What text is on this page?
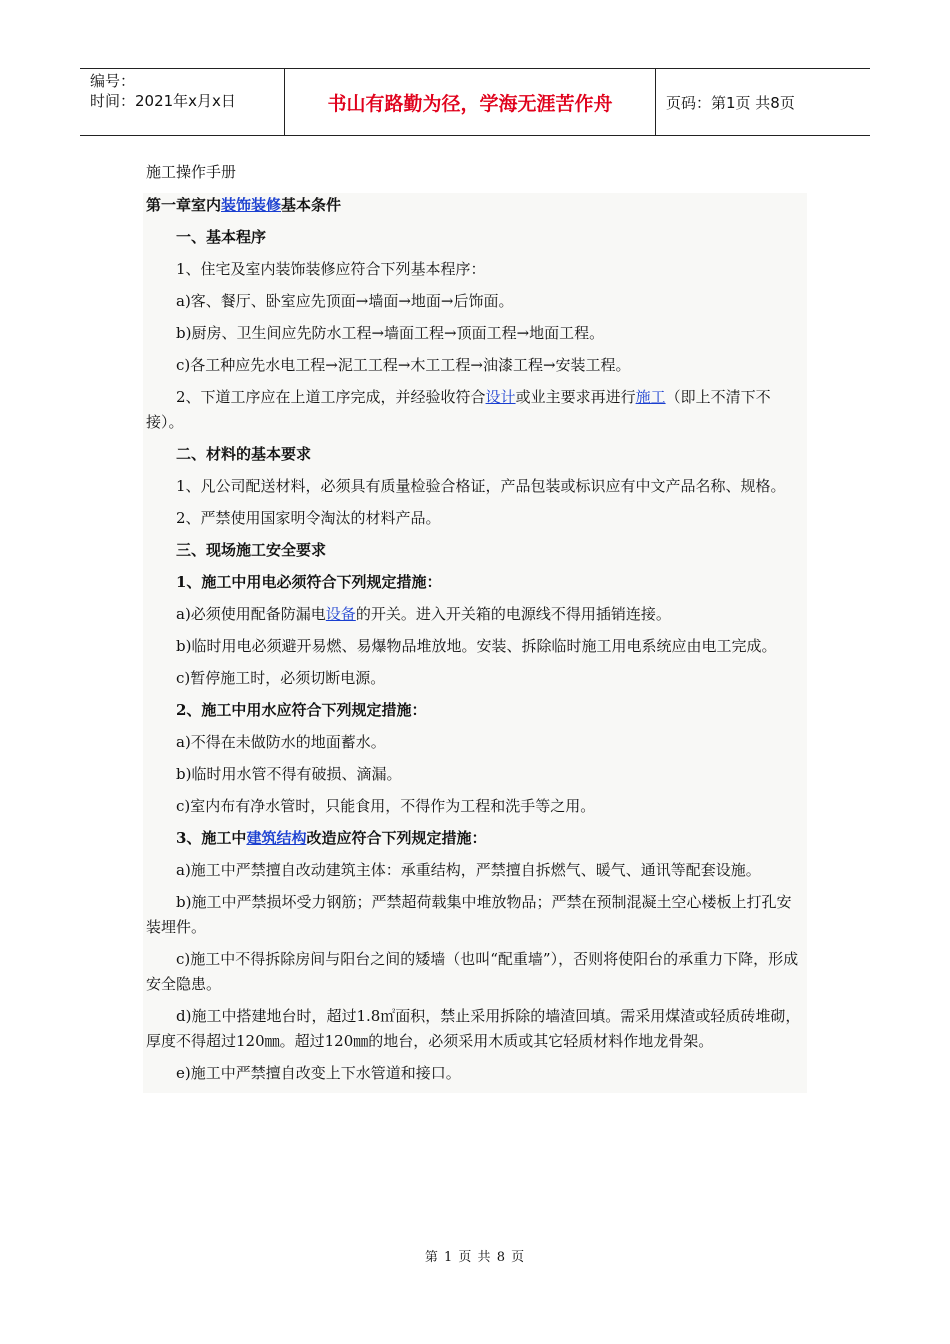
编号：
时间：2021年x月x日	书山有路勤为径，学海无涯苦作舟	页码：第1页 共8页
施工操作手册

第一章室内装饰装修基本条件

一、基本程序

1、住宅及室内装饰装修应符合下列基本程序：

a)客、餐厅、卧室应先顶面→墙面→地面→后饰面。

b)厨房、卫生间应先防水工程→墙面工程→顶面工程→地面工程。

c)各工种应先水电工程→泥工工程→木工工程→油漆工程→安装工程。

2、下道工序应在上道工序完成，并经验收符合设计或业主要求再进行施工（即上不清下不接）。

二、材料的基本要求

1、凡公司配送材料，必须具有质量检验合格证，产品包装或标识应有中文产品名称、规格。

2、严禁使用国家明令淘汰的材料产品。

三、现场施工安全要求

1、施工中用电必须符合下列规定措施：

a)必须使用配备防漏电设备的开关。进入开关箱的电源线不得用插销连接。

b)临时用电必须避开易燃、易爆物品堆放地。安装、拆除临时施工用电系统应由电工完成。

c)暂停施工时，必须切断电源。

2、施工中用水应符合下列规定措施：

a)不得在未做防水的地面蓄水。

b)临时用水管不得有破损、滴漏。

c)室内布有净水管时，只能食用，不得作为工程和洗手等之用。

3、施工中建筑结构改造应符合下列规定措施：

a)施工中严禁擅自改动建筑主体：承重结构，严禁擅自拆燃气、暖气、通讯等配套设施。

b)施工中严禁损坏受力钢筋；严禁超荷载集中堆放物品；严禁在预制混凝土空心楼板上打孔安装埋件。

c)施工中不得拆除房间与阳台之间的矮墙（也叫“配重墙”），否则将使阳台的承重力下降，形成安全隐患。

d)施工中搭建地台时，超过1.8㎡面积，禁止采用拆除的墙渣回填。需采用煤渣或轻质砖堆砌，厚度不得超过120㎜。超过120㎜的地台，必须采用木质或其它轻质材料作地龙骨架。

e)施工中严禁擅自改变上下水管道和接口。

第 1 页 共 8 页
